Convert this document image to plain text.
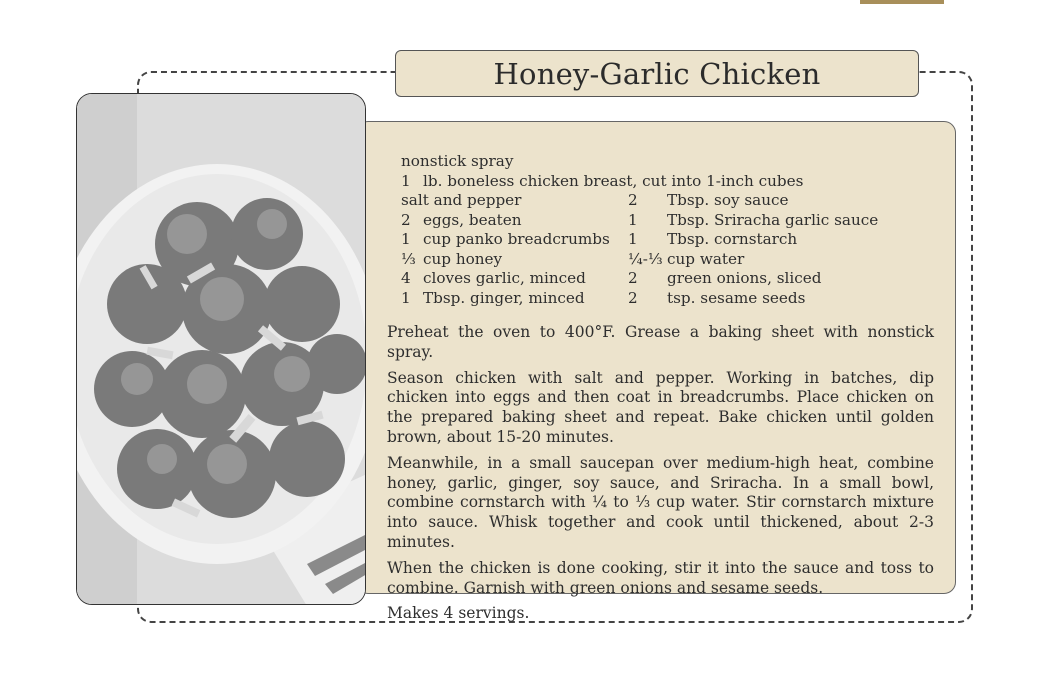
Honey-Garlic Chicken
nonstick spray
1 lb. boneless chicken breast, cut into 1-inch cubes
salt and pepper
2 eggs, beaten
1 cup panko breadcrumbs
⅓ cup honey
4 cloves garlic, minced
1 Tbsp. ginger, minced
2	Tbsp. soy sauce
1	Tbsp. Sriracha garlic sauce
1	Tbsp. cornstarch
¼-⅓ cup water
2	green onions, sliced
2	tsp. sesame seeds

Preheat the oven to 400°F. Grease a baking sheet with nonstick spray.

Season chicken with salt and pepper. Working in batches, dip chicken into eggs and then coat in breadcrumbs. Place chicken on the prepared baking sheet and repeat. Bake chicken until golden brown, about 15-20 minutes.

Meanwhile, in a small saucepan over medium-high heat, combine honey, garlic, ginger, soy sauce, and Sriracha. In a small bowl, combine cornstarch with ¼ to ⅓ cup water. Stir cornstarch mixture into sauce. Whisk together and cook until thickened, about 2-3 minutes.

When the chicken is done cooking, stir it into the sauce and toss to combine. Garnish with green onions and sesame seeds.

Makes 4 servings.
